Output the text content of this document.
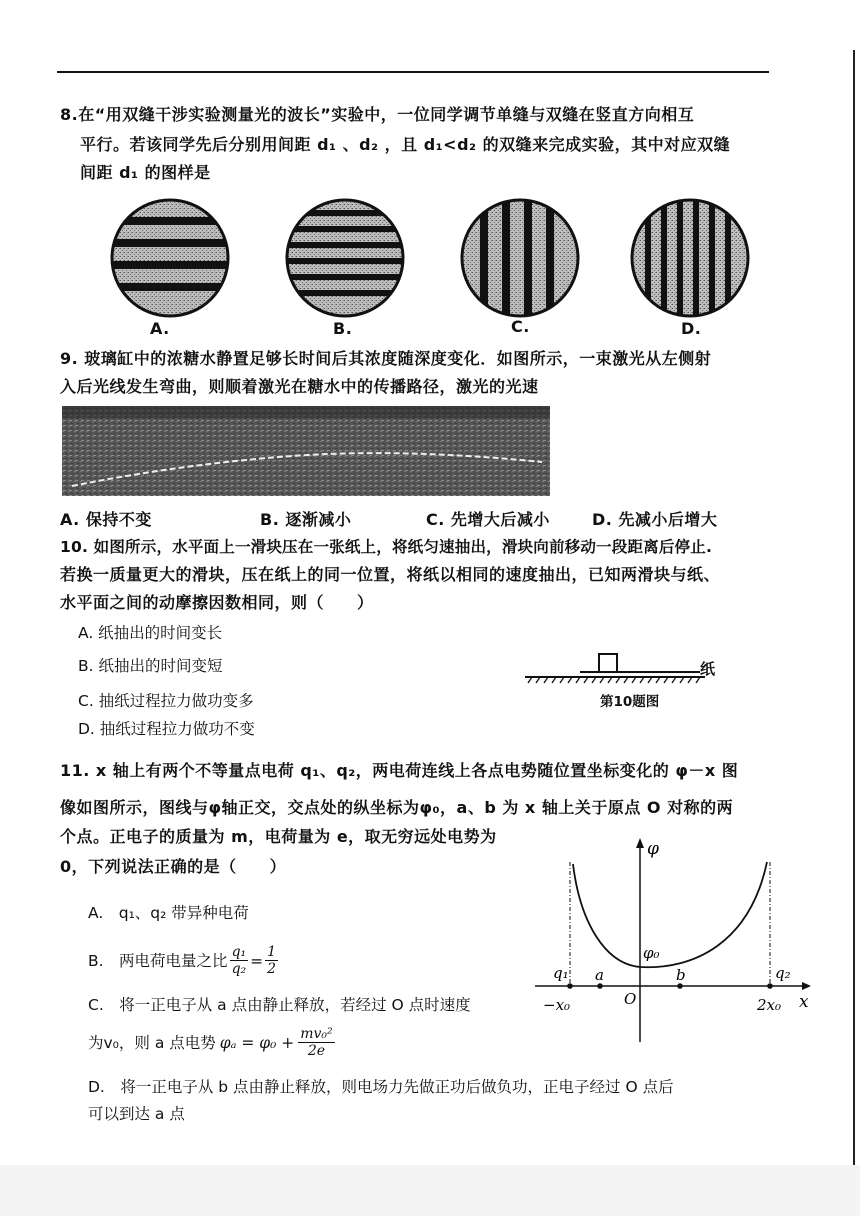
8.在“用双缝干涉实验测量光的波长”实验中，一位同学调节单缝与双缝在竖直方向相互
平行。若该同学先后分别用间距 d₁ 、d₂ ，且 d₁<d₂ 的双缝来完成实验，其中对应双缝
间距 d₁ 的图样是
A.	B.	C.	D.
9. 玻璃缸中的浓糖水静置足够长时间后其浓度随深度变化．如图所示，一束激光从左侧射
入后光线发生弯曲，则顺着激光在糖水中的传播路径，激光的光速
A. 保持不变	B. 逐渐减小	C. 先增大后减小	D. 先减小后增大
10. 如图所示，水平面上一滑块压在一张纸上，将纸匀速抽出，滑块向前移动一段距离后停止.
若换一质量更大的滑块，压在纸上的同一位置，将纸以相同的速度抽出，已知两滑块与纸、
水平面之间的动摩擦因数相同，则（　　）
A. 纸抽出的时间变长
B. 纸抽出的时间变短
C. 抽纸过程拉力做功变多
D. 抽纸过程拉力做功不变
纸
第10题图
11. x 轴上有两个不等量点电荷 q₁、q₂，两电荷连线上各点电势随位置坐标变化的 φ－x 图
像如图所示，图线与φ轴正交，交点处的纵坐标为φ₀，a、b 为 x 轴上关于原点 O 对称的两
个点。正电子的质量为 m，电荷量为 e，取无穷远处电势为
0，下列说法正确的是（　　）
A.　q₁、q₂ 带异种电荷
B.　两电荷电量之比 $\frac{\text{q₁}}{\text{q₂}} = \frac{1}{2}$
C.　将一正电子从 a 点由静止释放，若经过 O 点时速度
为v₀，则 a 点电势 $\varphi_a = \varphi_0 + \frac{\text{mv₀²}}{2e}$
D.　将一正电子从 b 点由静止释放，则电场力先做正功后做负功，正电子经过 O 点后
可以到达 a 点
φ
x
φ₀
O
q₁	q₂
a	b
−x₀	2x₀
